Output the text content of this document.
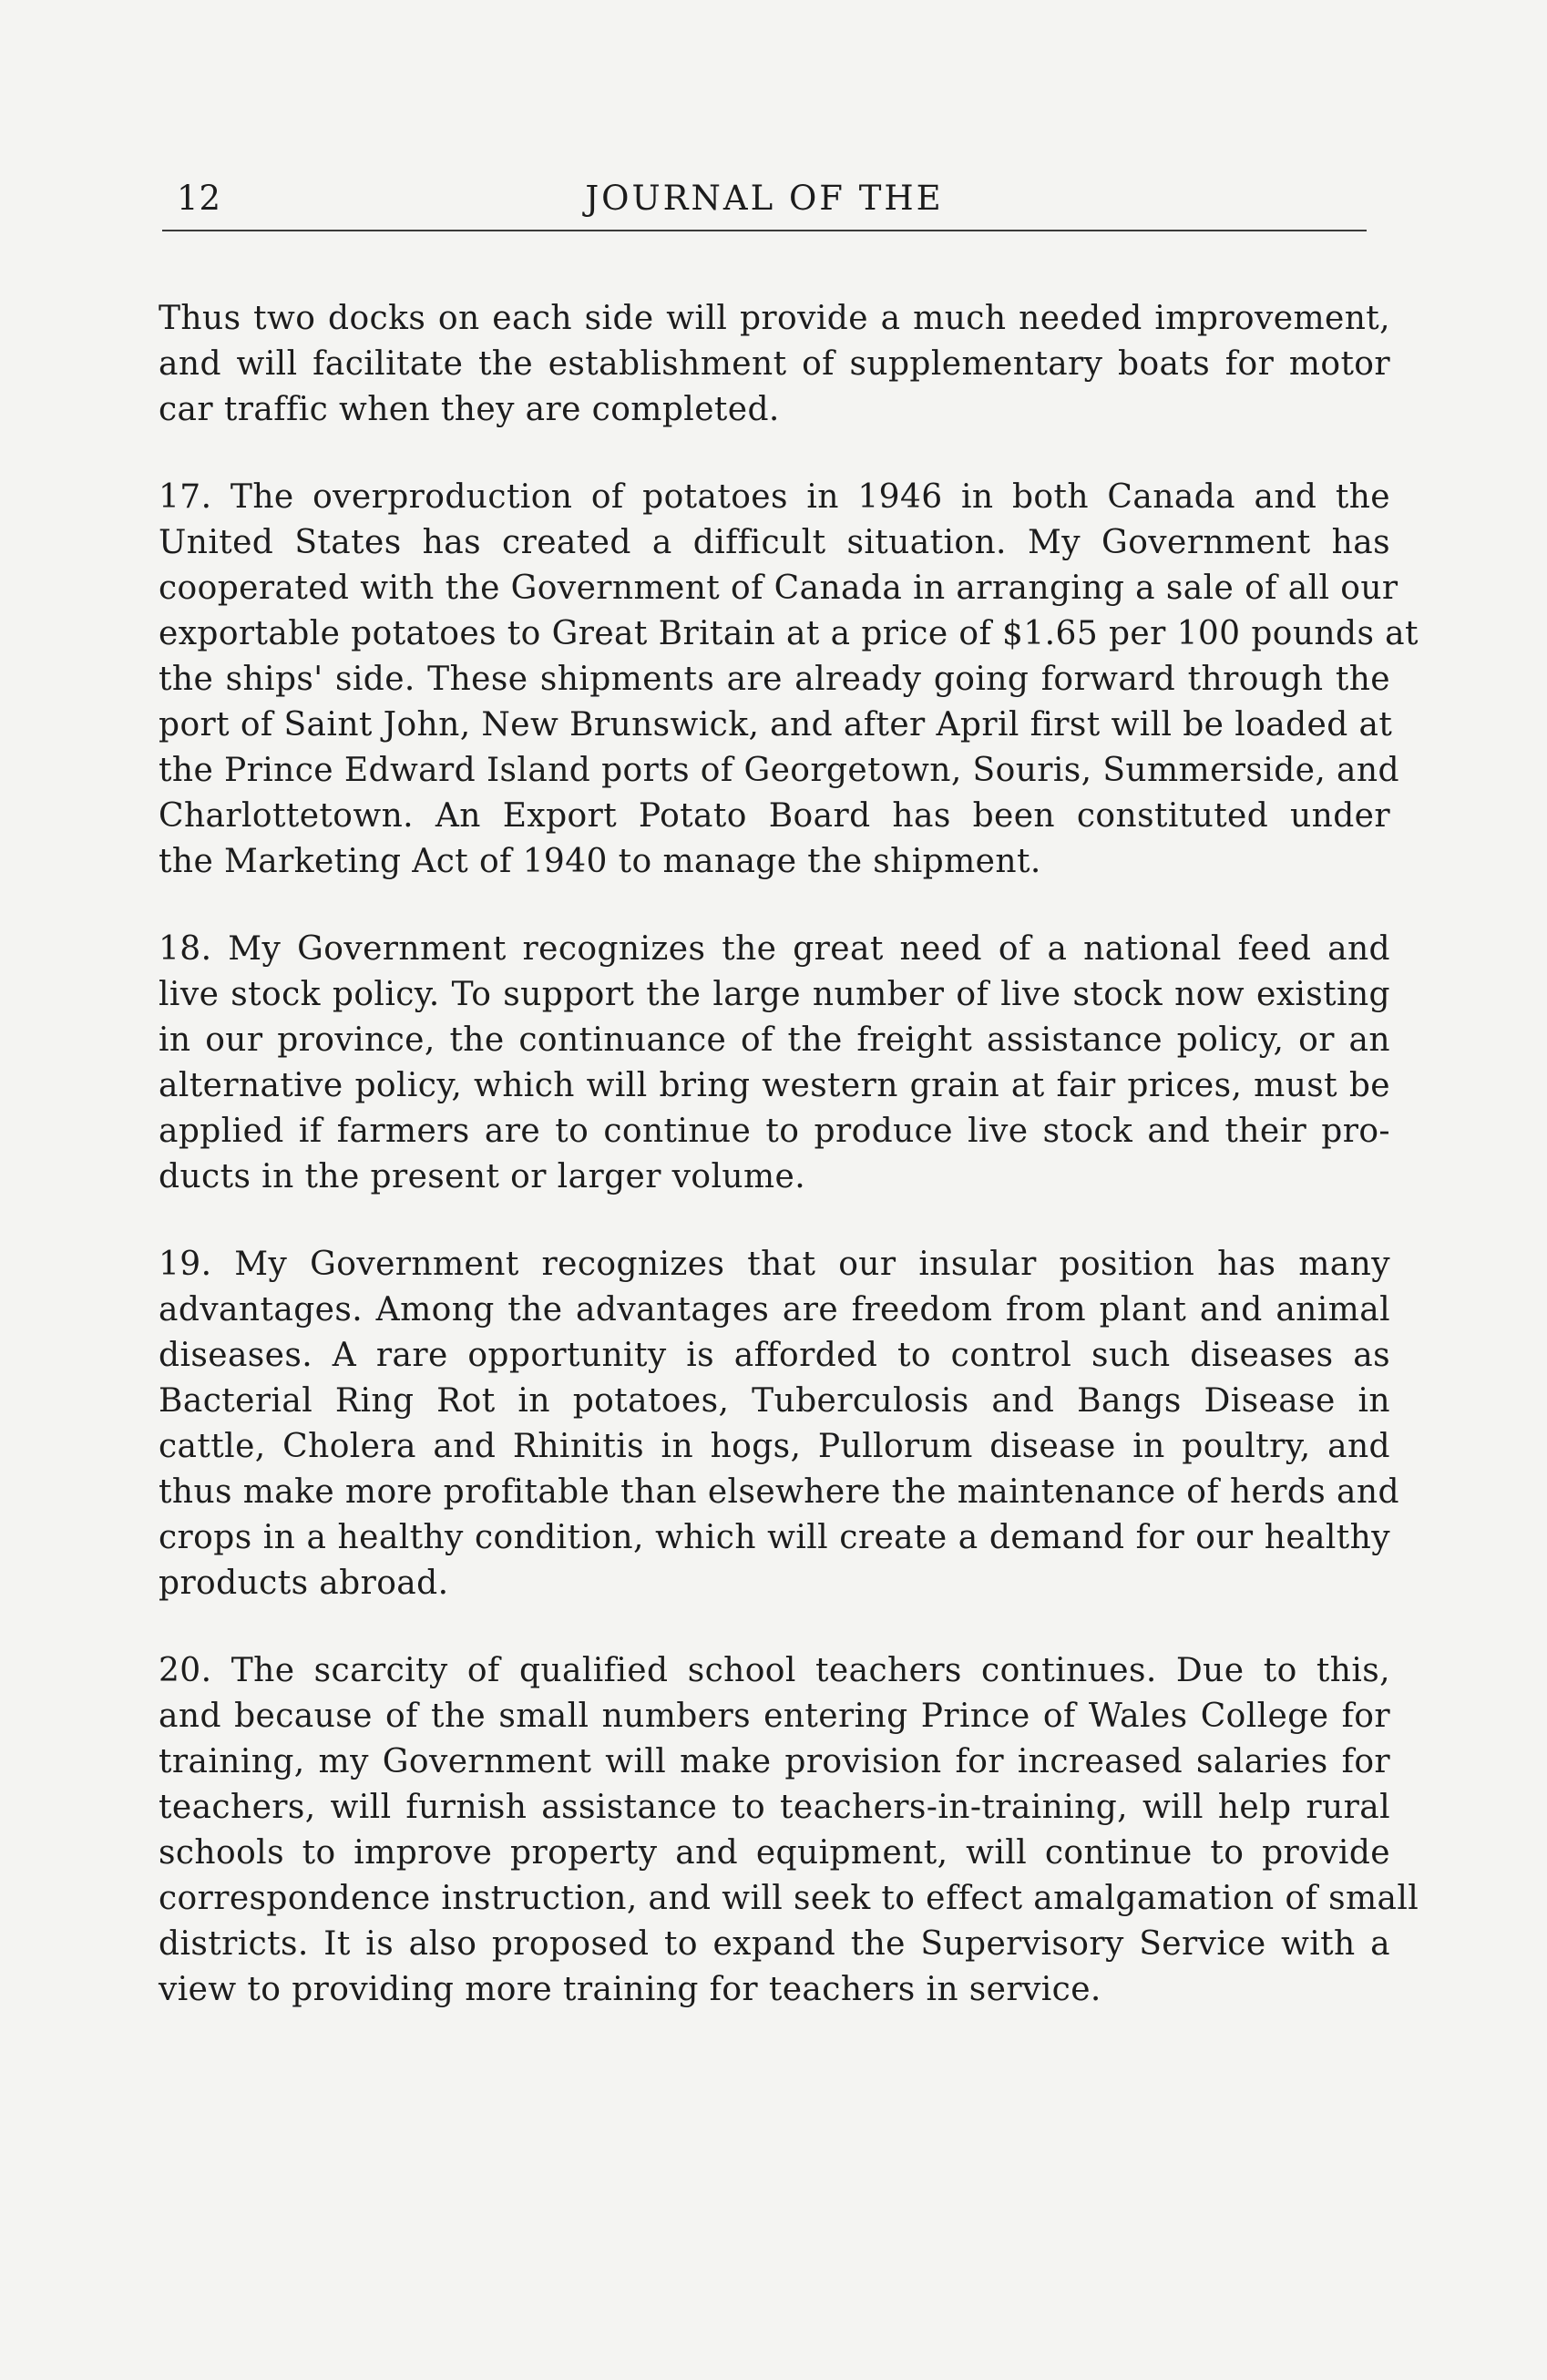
12	JOURNAL OF THE
Thus two docks on each side will provide a much needed improvement,
and will facilitate the establishment of supplementary boats for motor
car traffic when they are completed.
17. The overproduction of potatoes in 1946 in both Canada and the
United States has created a difficult situation. My Government has
cooperated with the Government of Canada in arranging a sale of all our
exportable potatoes to Great Britain at a price of $1.65 per 100 pounds at
the ships' side. These shipments are already going forward through the
port of Saint John, New Brunswick, and after April first will be loaded at
the Prince Edward Island ports of Georgetown, Souris, Summerside, and
Charlottetown. An Export Potato Board has been constituted under
the Marketing Act of 1940 to manage the shipment.
18. My Government recognizes the great need of a national feed and
live stock policy. To support the large number of live stock now existing
in our province, the continuance of the freight assistance policy, or an
alternative policy, which will bring western grain at fair prices, must be
applied if farmers are to continue to produce live stock and their pro-
ducts in the present or larger volume.
19. My Government recognizes that our insular position has many
advantages. Among the advantages are freedom from plant and animal
diseases. A rare opportunity is afforded to control such diseases as
Bacterial Ring Rot in potatoes, Tuberculosis and Bangs Disease in
cattle, Cholera and Rhinitis in hogs, Pullorum disease in poultry, and
thus make more profitable than elsewhere the maintenance of herds and
crops in a healthy condition, which will create a demand for our healthy
products abroad.
20. The scarcity of qualified school teachers continues. Due to this,
and because of the small numbers entering Prince of Wales College for
training, my Government will make provision for increased salaries for
teachers, will furnish assistance to teachers-in-training, will help rural
schools to improve property and equipment, will continue to provide
correspondence instruction, and will seek to effect amalgamation of small
districts. It is also proposed to expand the Supervisory Service with a
view to providing more training for teachers in service.
